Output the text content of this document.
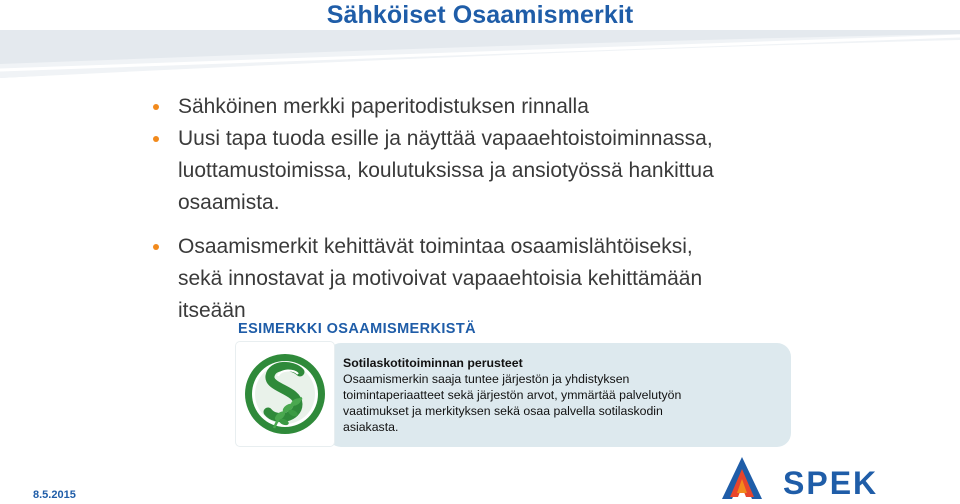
Sähköiset Osaamismerkit
Sähköinen merkki paperitodistuksen rinnalla
Uusi tapa tuoda esille ja näyttää vapaaehtoistoiminnassa,
luottamustoimissa, koulutuksissa ja ansiotyössä hankittua
osaamista.
Osaamismerkit kehittävät toimintaa osaamislähtöiseksi,
sekä innostavat ja motivoivat vapaaehtoisia kehittämään
itseään
ESIMERKKI OSAAMISMERKISTÄ
Sotilaskotitoiminnan perusteet
Osaamismerkin saaja tuntee järjestön ja yhdistyksen
toimintaperiaatteet sekä järjestön arvot, ymmärtää palvelutyön
vaatimukset ja merkityksen sekä osaa palvella sotilaskodin
asiakasta.
8.5.2015	SPEK
